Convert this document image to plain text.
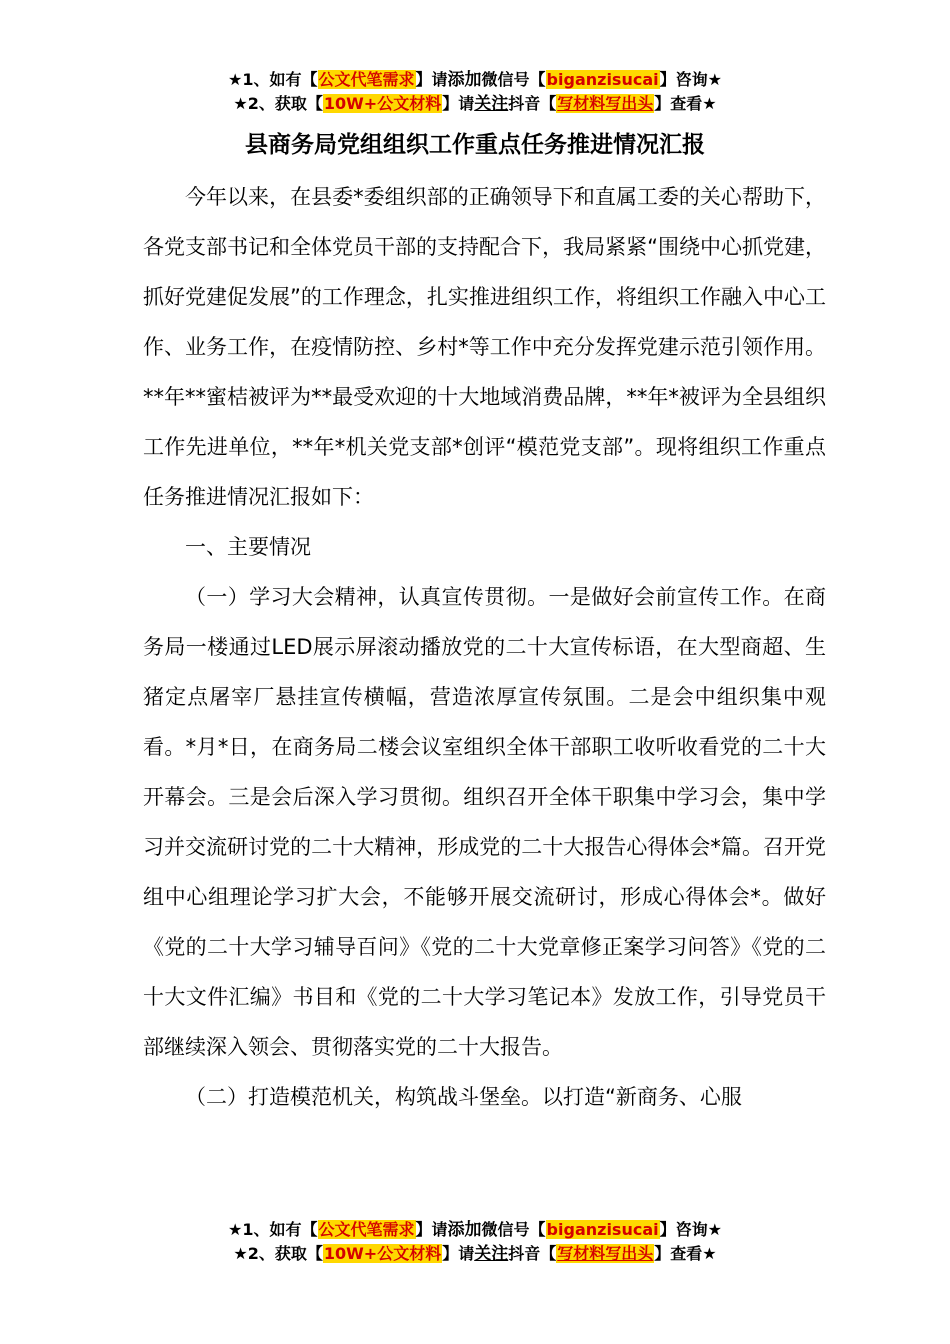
★1、如有【公文代笔需求】请添加微信号【biganzisucai】咨询★
★2、获取【10W+公文材料】请关注抖音【写材料写出头】查看★
县商务局党组组织工作重点任务推进情况汇报

今年以来，在县委*委组织部的正确领导下和直属工委的关心帮助下，各党支部书记和全体党员干部的支持配合下，我局紧紧“围绕中心抓党建，抓好党建促发展”的工作理念，扎实推进组织工作，将组织工作融入中心工作、业务工作，在疫情防控、乡村*等工作中充分发挥党建示范引领作用。**年**蜜桔被评为**最受欢迎的十大地域消费品牌，**年*被评为全县组织工作先进单位，**年*机关党支部*创评“模范党支部”。现将组织工作重点任务推进情况汇报如下：

一、主要情况

（一）学习大会精神，认真宣传贯彻。一是做好会前宣传工作。在商务局一楼通过LED展示屏滚动播放党的二十大宣传标语，在大型商超、生猪定点屠宰厂悬挂宣传横幅，营造浓厚宣传氛围。二是会中组织集中观看。*月*日，在商务局二楼会议室组织全体干部职工收听收看党的二十大开幕会。三是会后深入学习贯彻。组织召开全体干职集中学习会，集中学习并交流研讨党的二十大精神，形成党的二十大报告心得体会*篇。召开党组中心组理论学习扩大会，不能够开展交流研讨，形成心得体会*。做好《党的二十大学习辅导百问》《党的二十大党章修正案学习问答》《党的二十大文件汇编》书目和《党的二十大学习笔记本》发放工作，引导党员干部继续深入领会、贯彻落实党的二十大报告。

（二）打造模范机关，构筑战斗堡垒。以打造“新商务、心服

★1、如有【公文代笔需求】请添加微信号【biganzisucai】咨询★
★2、获取【10W+公文材料】请关注抖音【写材料写出头】查看★
